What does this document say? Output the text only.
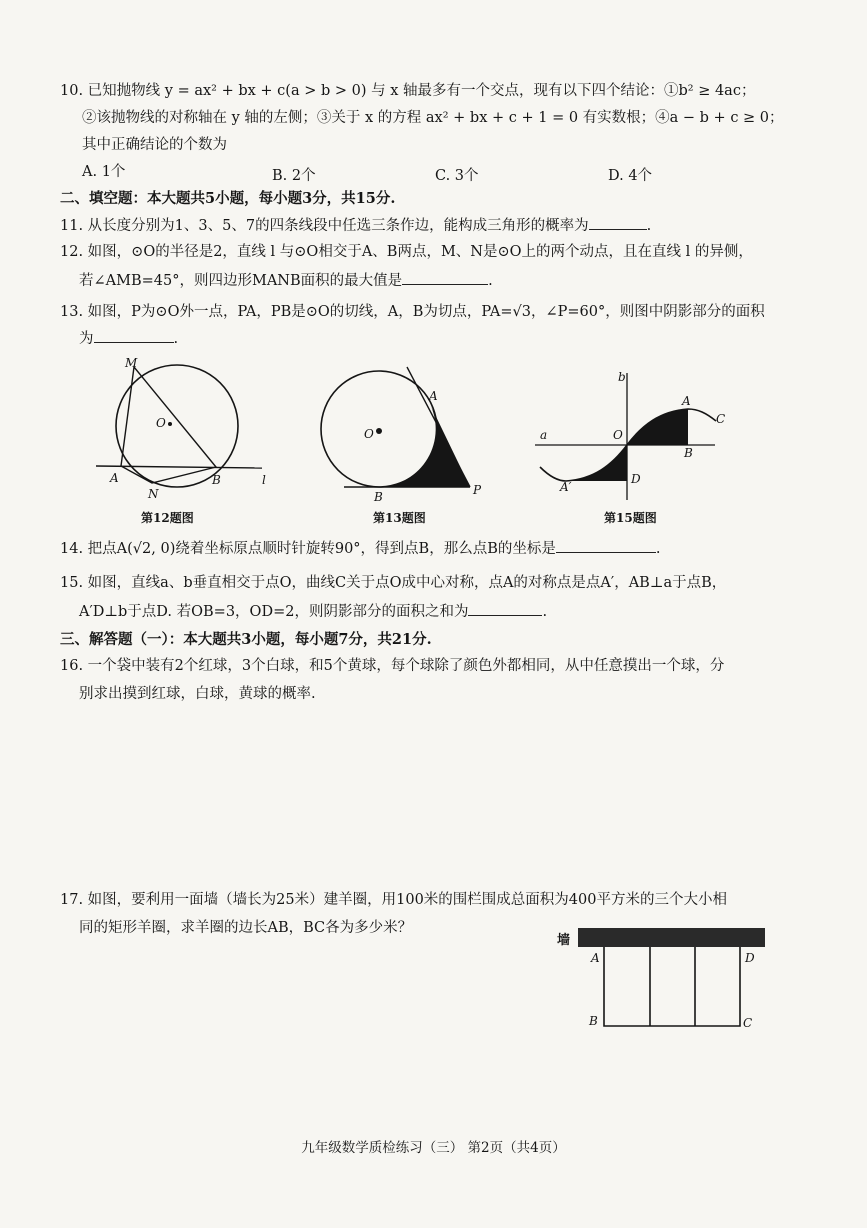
10. 已知抛物线 y = ax² + bx + c(a > b > 0) 与 x 轴最多有一个交点，现有以下四个结论：①b² ≥ 4ac；
②该抛物线的对称轴在 y 轴的左侧；③关于 x 的方程 ax² + bx + c + 1 = 0 有实数根；④a − b + c ≥ 0；
其中正确结论的个数为
A. 1个	B. 2个	C. 3个	D. 4个
二、填空题：本大题共5小题，每小题3分，共15分.
11. 从长度分别为1、3、5、7的四条线段中任选三条作边，能构成三角形的概率为	.
12. 如图，⊙O的半径是2，直线 l 与⊙O相交于A、B两点，M、N是⊙O上的两个动点，且在直线 l 的异侧，
若∠AMB=45°，则四边形MANB面积的最大值是	.
13. 如图，P为⊙O外一点，PA，PB是⊙O的切线，A，B为切点，PA=√3，∠P=60°，则图中阴影部分的面积
为	.
M
O
A
N
B	l
第12题图
O
A
B	P
第13题图
b
a	O
A
C
B
D
A′
第15题图
14. 把点A(√2, 0)绕着坐标原点顺时针旋转90°，得到点B，那么点B的坐标是	.
15. 如图，直线a、b垂直相交于点O，曲线C关于点O成中心对称，点A的对称点是点A′，AB⊥a于点B，
A′D⊥b于点D. 若OB=3，OD=2，则阴影部分的面积之和为	.
三、解答题（一）：本大题共3小题，每小题7分，共21分.
16. 一个袋中装有2个红球，3个白球，和5个黄球，每个球除了颜色外都相同，从中任意摸出一个球，分
别求出摸到红球，白球，黄球的概率.
17. 如图，要利用一面墙（墙长为25米）建羊圈，用100米的围栏围成总面积为400平方米的三个大小相
同的矩形羊圈，求羊圈的边长AB，BC各为多少米？
墙
A	D
B	C
九年级数学质检练习（三） 第2页（共4页）
